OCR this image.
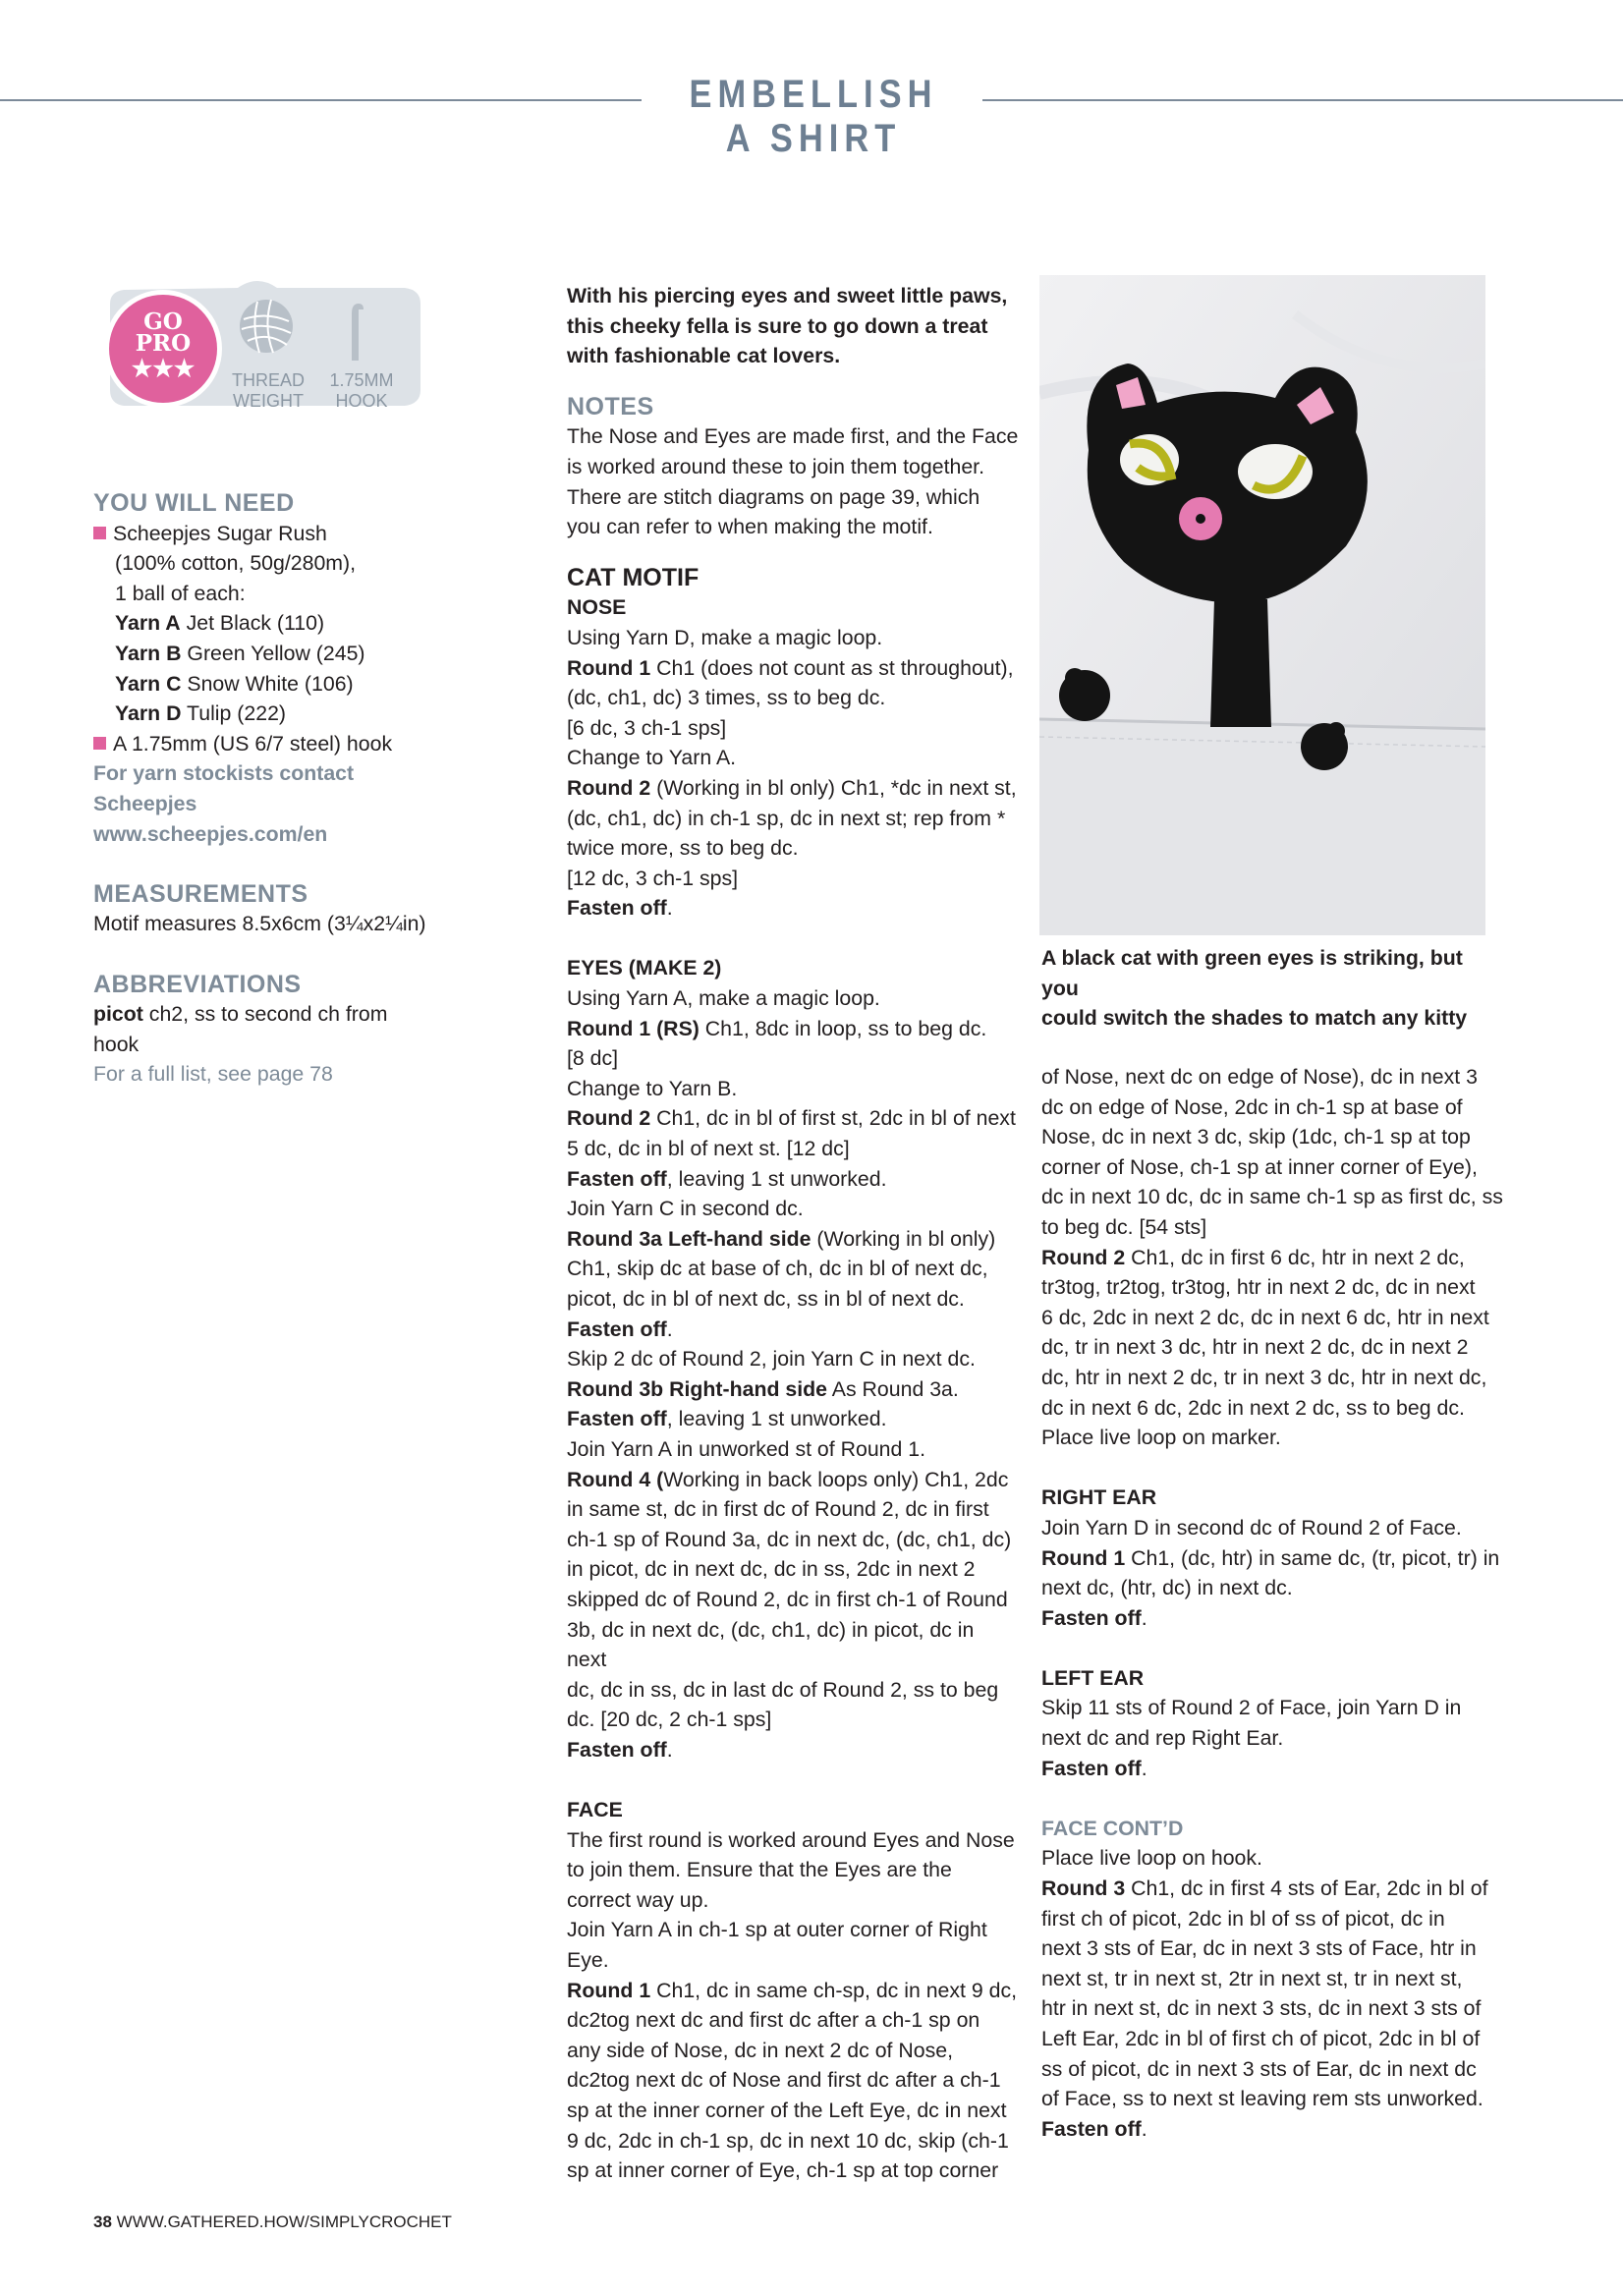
EMBELLISH A SHIRT
GO
PRO
★★★	THREAD
WEIGHT
1.75MM
HOOK

YOU WILL NEED

Scheepjes Sugar Rush

(100% cotton, 50g/280m),

1 ball of each:

Yarn A Jet Black (110)

Yarn B Green Yellow (245)

Yarn C Snow White (106)

Yarn D Tulip (222)

A 1.75mm (US 6/7 steel) hook

For yarn stockists contact

Scheepjes

www.scheepjes.com/en

MEASUREMENTS

Motif measures 8.5x6cm (3¼x2¼in)

ABBREVIATIONS

picot ch2, ss to second ch from

hook

For a full list, see page 78

With his piercing eyes and sweet little paws,

this cheeky fella is sure to go down a treat

with fashionable cat lovers.

NOTES

The Nose and Eyes are made first, and the Face

is worked around these to join them together.

There are stitch diagrams on page 39, which

you can refer to when making the motif.

CAT MOTIF

NOSE

Using Yarn D, make a magic loop.

Round 1 Ch1 (does not count as st throughout),

(dc, ch1, dc) 3 times, ss to beg dc.

[6 dc, 3 ch-1 sps]

Change to Yarn A.

Round 2 (Working in bl only) Ch1, *dc in next st,

(dc, ch1, dc) in ch-1 sp, dc in next st; rep from *

twice more, ss to beg dc.

[12 dc, 3 ch-1 sps]

Fasten off.

EYES (MAKE 2)

Using Yarn A, make a magic loop.

Round 1 (RS) Ch1, 8dc in loop, ss to beg dc.

[8 dc]

Change to Yarn B.

Round 2 Ch1, dc in bl of first st, 2dc in bl of next

5 dc, dc in bl of next st. [12 dc]

Fasten off, leaving 1 st unworked.

Join Yarn C in second dc.

Round 3a Left-hand side (Working in bl only)

Ch1, skip dc at base of ch, dc in bl of next dc,

picot, dc in bl of next dc, ss in bl of next dc.

Fasten off.

Skip 2 dc of Round 2, join Yarn C in next dc.

Round 3b Right-hand side As Round 3a.

Fasten off, leaving 1 st unworked.

Join Yarn A in unworked st of Round 1.

Round 4 (Working in back loops only) Ch1, 2dc

in same st, dc in first dc of Round 2, dc in first

ch-1 sp of Round 3a, dc in next dc, (dc, ch1, dc)

in picot, dc in next dc, dc in ss, 2dc in next 2

skipped dc of Round 2, dc in first ch-1 of Round

3b, dc in next dc, (dc, ch1, dc) in picot, dc in next

dc, dc in ss, dc in last dc of Round 2, ss to beg

dc. [20 dc, 2 ch-1 sps]

Fasten off.

FACE

The first round is worked around Eyes and Nose

to join them. Ensure that the Eyes are the

correct way up.

Join Yarn A in ch-1 sp at outer corner of Right

Eye.

Round 1 Ch1, dc in same ch-sp, dc in next 9 dc,

dc2tog next dc and first dc after a ch-1 sp on

any side of Nose, dc in next 2 dc of Nose,

dc2tog next dc of Nose and first dc after a ch-1

sp at the inner corner of the Left Eye, dc in next

9 dc, 2dc in ch-1 sp, dc in next 10 dc, skip (ch-1

sp at inner corner of Eye, ch-1 sp at top corner

A black cat with green eyes is striking, but you

could switch the shades to match any kitty

of Nose, next dc on edge of Nose), dc in next 3

dc on edge of Nose, 2dc in ch-1 sp at base of

Nose, dc in next 3 dc, skip (1dc, ch-1 sp at top

corner of Nose, ch-1 sp at inner corner of Eye),

dc in next 10 dc, dc in same ch-1 sp as first dc, ss

to beg dc. [54 sts]

Round 2 Ch1, dc in first 6 dc, htr in next 2 dc,

tr3tog, tr2tog, tr3tog, htr in next 2 dc, dc in next

6 dc, 2dc in next 2 dc, dc in next 6 dc, htr in next

dc, tr in next 3 dc, htr in next 2 dc, dc in next 2

dc, htr in next 2 dc, tr in next 3 dc, htr in next dc,

dc in next 6 dc, 2dc in next 2 dc, ss to beg dc.

Place live loop on marker.

RIGHT EAR

Join Yarn D in second dc of Round 2 of Face.

Round 1 Ch1, (dc, htr) in same dc, (tr, picot, tr) in

next dc, (htr, dc) in next dc.

Fasten off.

LEFT EAR

Skip 11 sts of Round 2 of Face, join Yarn D in

next dc and rep Right Ear.

Fasten off.

FACE CONT’D

Place live loop on hook.

Round 3 Ch1, dc in first 4 sts of Ear, 2dc in bl of

first ch of picot, 2dc in bl of ss of picot, dc in

next 3 sts of Ear, dc in next 3 sts of Face, htr in

next st, tr in next st, 2tr in next st, tr in next st,

htr in next st, dc in next 3 sts, dc in next 3 sts of

Left Ear, 2dc in bl of first ch of picot, 2dc in bl of

ss of picot, dc in next 3 sts of Ear, dc in next dc

of Face, ss to next st leaving rem sts unworked.

Fasten off.

38 WWW.GATHERED.HOW/SIMPLYCROCHET
